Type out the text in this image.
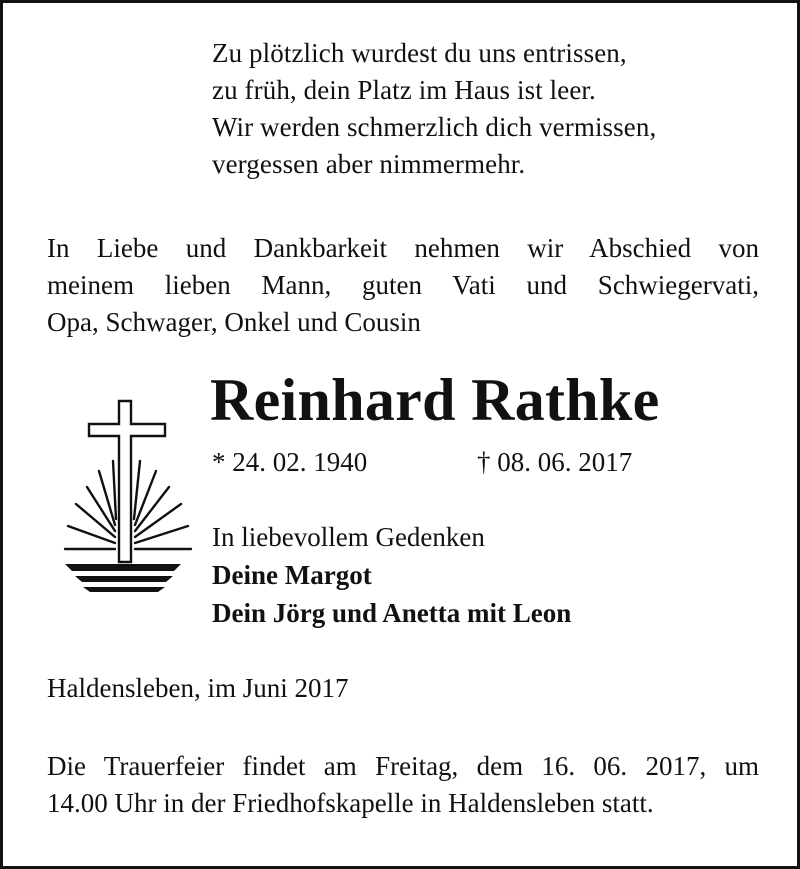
Zu plötzlich wurdest du uns entrissen,
zu früh, dein Platz im Haus ist leer.
Wir werden schmerzlich dich vermissen,
vergessen aber nimmermehr.
In Liebe und Dankbarkeit nehmen wir Abschied von
meinem lieben Mann, guten Vati und Schwiegervati,
Opa, Schwager, Onkel und Cousin
Reinhard Rathke
* 24. 02. 1940	† 08. 06. 2017
In liebevollem Gedenken
Deine Margot
Dein Jörg und Anetta mit Leon
Haldensleben, im Juni 2017
Die Trauerfeier findet am Freitag, dem 16. 06. 2017, um
14.00 Uhr in der Friedhofskapelle in Haldensleben statt.
